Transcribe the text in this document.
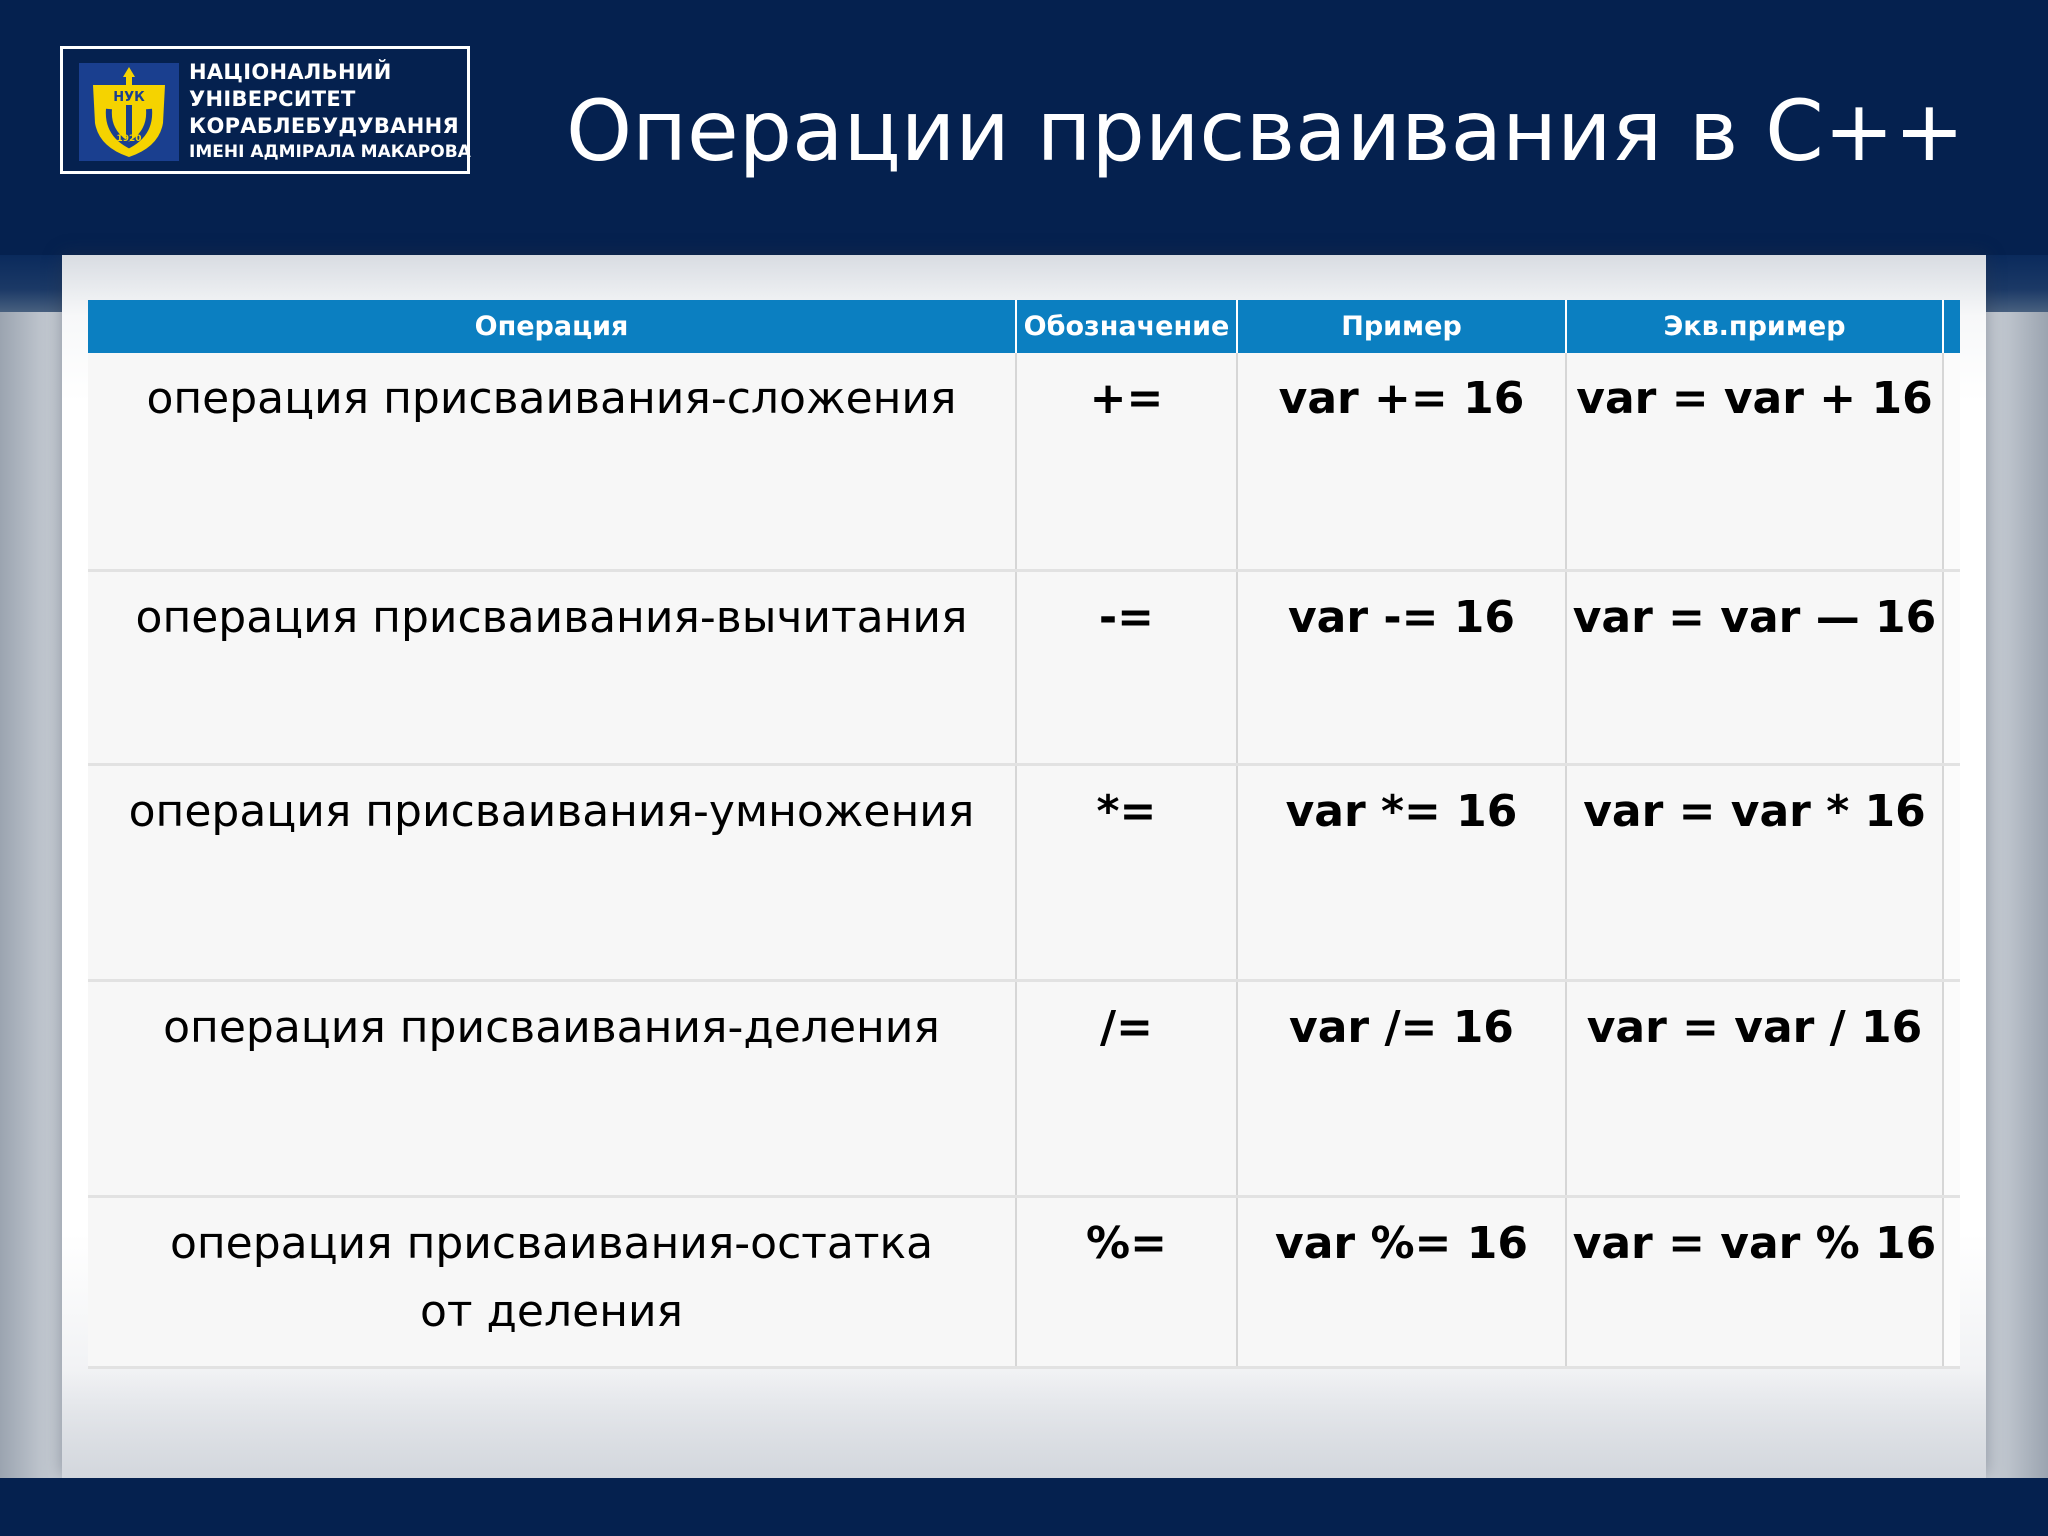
НУК
1920
НАЦІОНАЛЬНИЙ
УНІВЕРСИТЕТ
КОРАБЛЕБУДУВАННЯ
ІМЕНІ АДМІРАЛА МАКАРОВА Операции присваивания в С++
Операция	Обозначение	Пример	Экв.пример	
операция присваивания-сложения	+=	var += 16	var = var + 16	
операция присваивания-вычитания	-=	var -= 16	var = var — 16	
операция присваивания-умножения	*=	var *= 16	var = var * 16	
операция присваивания-деления	/=	var /= 16	var = var / 16	
операция присваивания-остатка
от деления	%=	var %= 16	var = var % 16	
